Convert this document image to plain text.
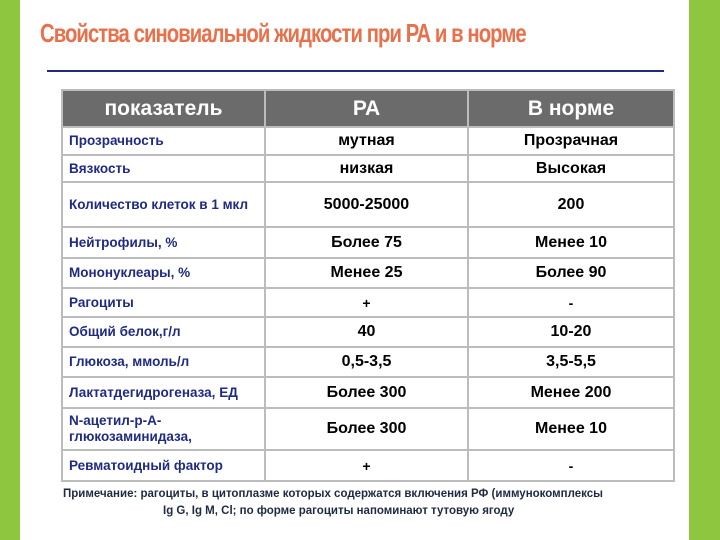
Свойства синовиальной жидкости при РА и в норме
показатель	РА	В норме
Прозрачность	мутная	Прозрачная
Вязкость	низкая	Высокая
Количество клеток в 1 мкл	5000-25000	200
Нейтрофилы, %	Более 75	Менее 10
Мононуклеары, %	Менее 25	Более 90
Рагоциты	+	-
Общий белок,г/л	40	10-20
Глюкоза, ммоль/л	0,5-3,5	3,5-5,5
Лактатдегидрогеназа, ЕД	Более 300	Менее 200
N-ацетил-р-А-глюкозаминидаза,	Более 300	Менее 10
Ревматоидный фактор	+	-
Примечание: рагоциты, в цитоплазме которых содержатся включения РФ (иммунокомплексы
Ig G, Ig M, Cl; по форме рагоциты напоминают тутовую ягоду
